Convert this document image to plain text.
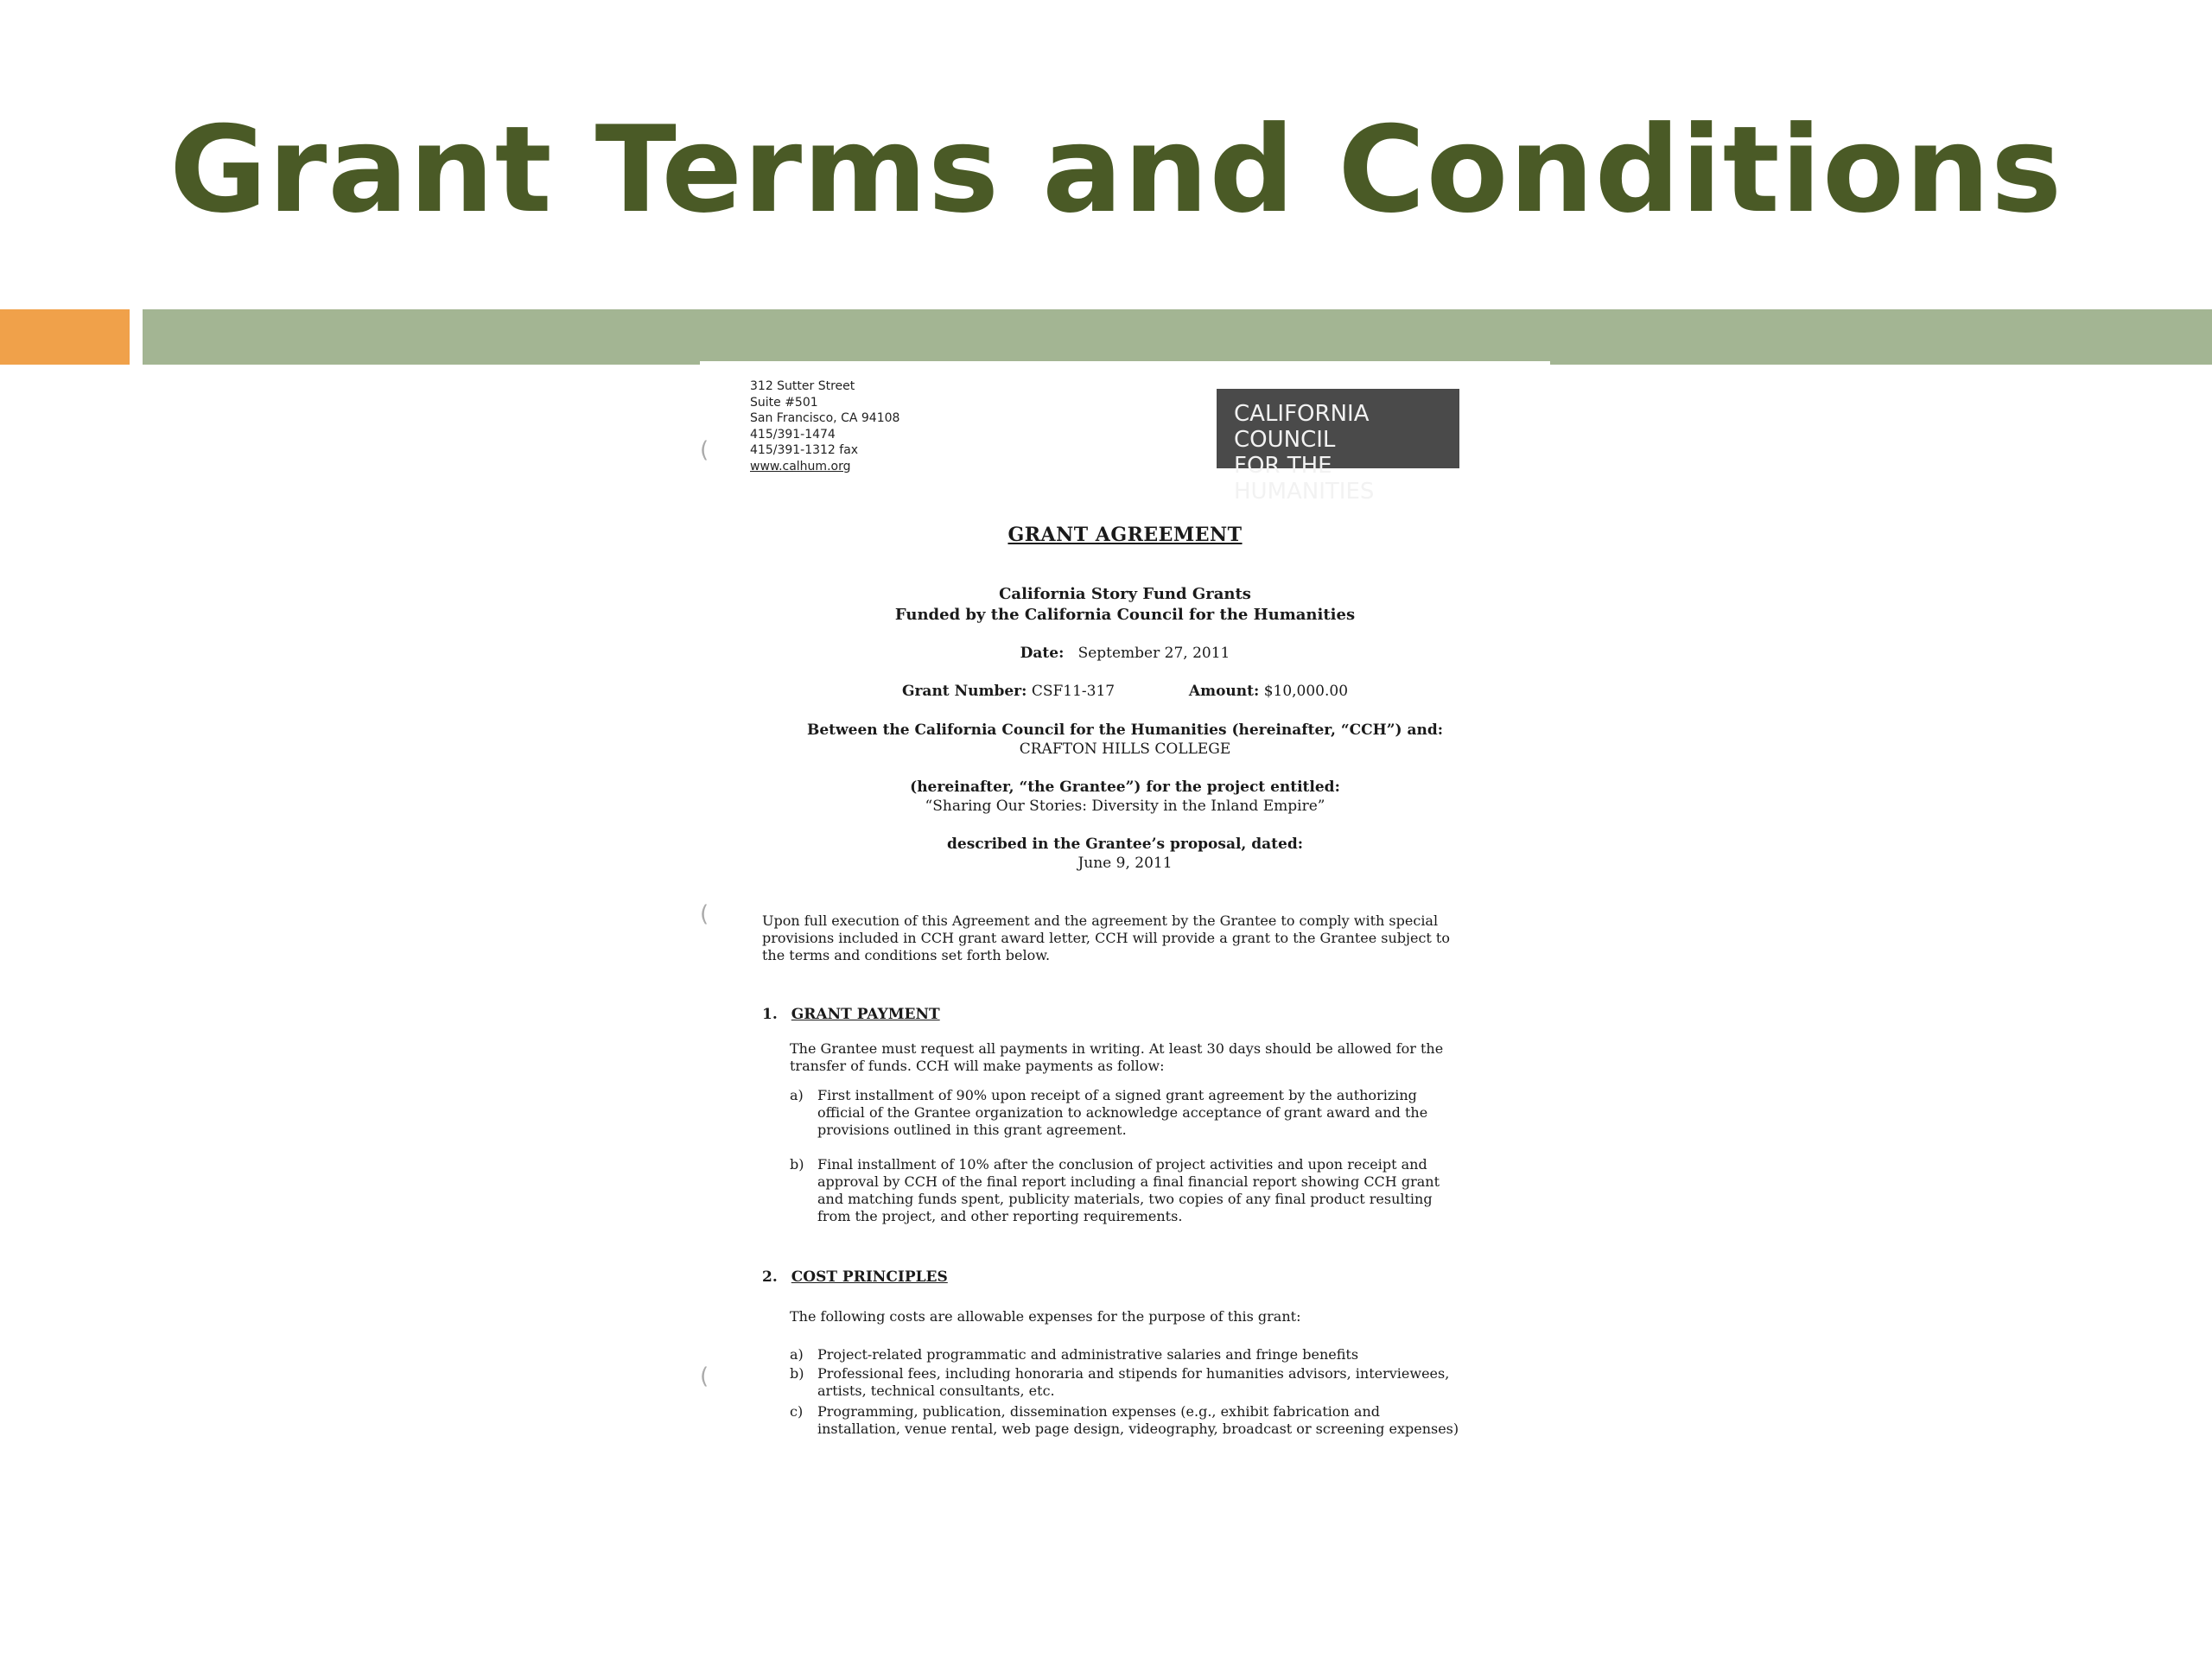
Grant Terms and Conditions
312 Sutter Street
Suite #501
San Francisco, CA 94108
415/391-1474
415/391-1312 fax
www.calhum.org
CALIFORNIA COUNCIL
FOR THE HUMANITIES
GRANT AGREEMENT
California Story Fund Grants
Funded by the California Council for the Humanities
Date: September 27, 2011
Grant Number: CSF11-317	Amount: $10,000.00
Between the California Council for the Humanities (hereinafter, “CCH”) and:
CRAFTON HILLS COLLEGE
(hereinafter, “the Grantee”) for the project entitled:
“Sharing Our Stories: Diversity in the Inland Empire”
described in the Grantee’s proposal, dated:
June 9, 2011
Upon full execution of this Agreement and the agreement by the Grantee to comply with special provisions included in CCH grant award letter, CCH will provide a grant to the Grantee subject to the terms and conditions set forth below.
1. GRANT PAYMENT
The Grantee must request all payments in writing. At least 30 days should be allowed for the transfer of funds. CCH will make payments as follow:
a) First installment of 90% upon receipt of a signed grant agreement by the authorizing official of the Grantee organization to acknowledge acceptance of grant award and the provisions outlined in this grant agreement.
b) Final installment of 10% after the conclusion of project activities and upon receipt and approval by CCH of the final report including a final financial report showing CCH grant and matching funds spent, publicity materials, two copies of any final product resulting from the project, and other reporting requirements.
2. COST PRINCIPLES
The following costs are allowable expenses for the purpose of this grant:
a) Project-related programmatic and administrative salaries and fringe benefits
b) Professional fees, including honoraria and stipends for humanities advisors, interviewees, artists, technical consultants, etc.
c) Programming, publication, dissemination expenses (e.g., exhibit fabrication and installation, venue rental, web page design, videography, broadcast or screening expenses)
(
(
(
